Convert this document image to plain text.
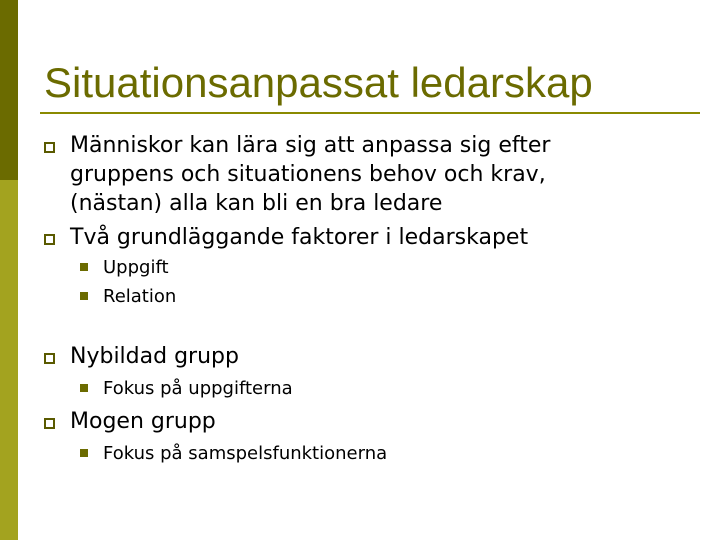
Situationsanpassat ledarskap
Människor kan lära sig att anpassa sig efter
gruppens och situationens behov och krav,
(nästan) alla kan bli en bra ledare
Två grundläggande faktorer i ledarskapet
Uppgift
Relation
Nybildad grupp
Fokus på uppgifterna
Mogen grupp
Fokus på samspelsfunktionerna
